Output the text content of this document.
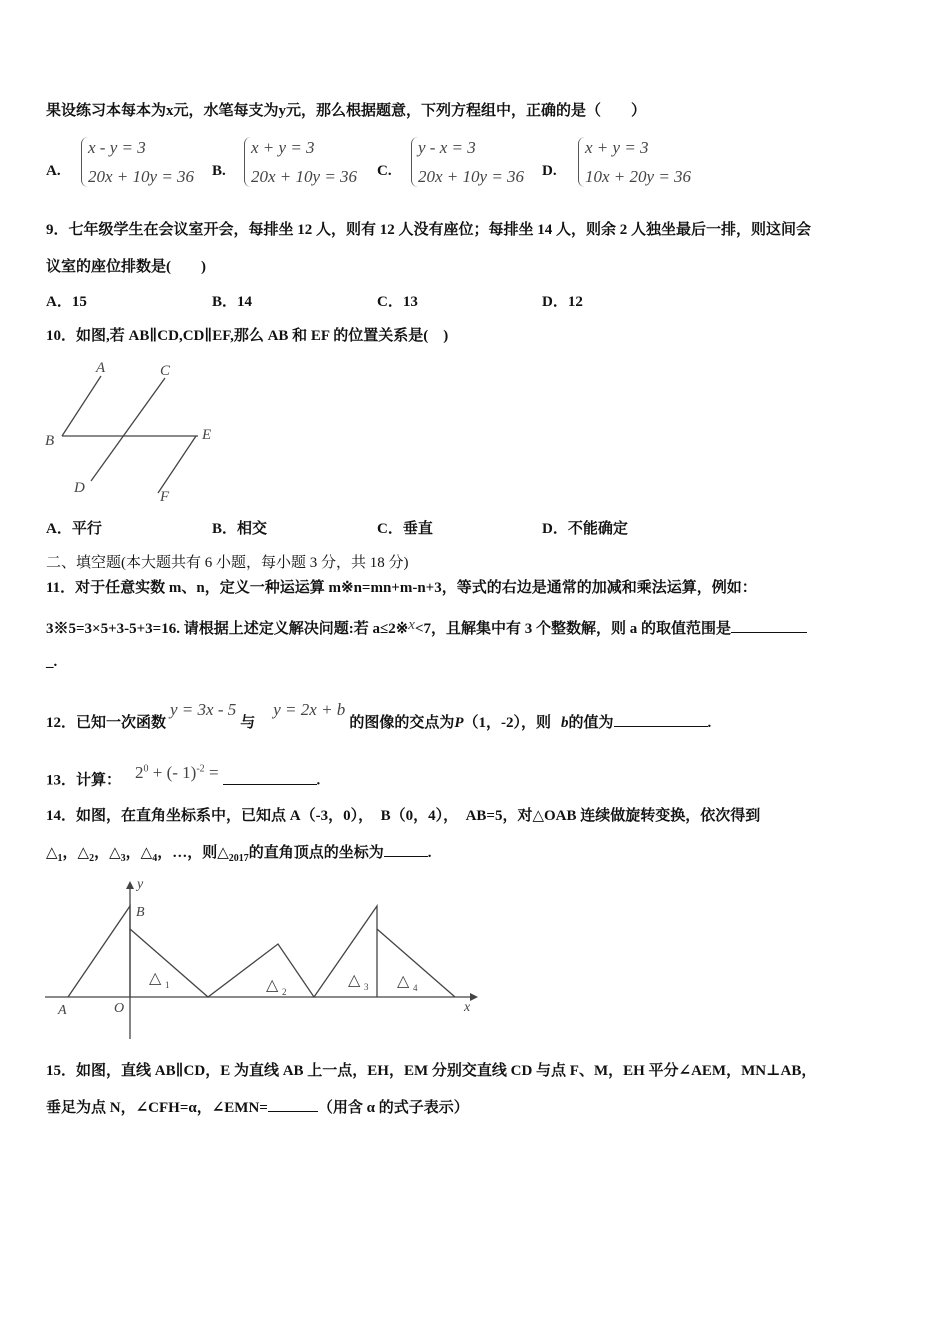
果设练习本每本为x元，水笔每支为y元，那么根据题意，下列方程组中，正确的是（　　）
A.
x - y = 3
20x + 10y = 36 B.
x + y = 3
20x + 10y = 36 C.
y - x = 3
20x + 10y = 36 D.
x + y = 3
10x + 20y = 36
9．七年级学生在会议室开会，每排坐 12 人，则有 12 人没有座位；每排坐 14 人，则余 2 人独坐最后一排，则这间会
议室的座位排数是(　　)
A．15	B．14	C．13	D．12
10．如图,若 AB∥CD,CD∥EF,那么 AB 和 EF 的位置关系是(　)
A	C
B	E
D
F
A．平行	B．相交	C．垂直	D．不能确定
二、填空题(本大题共有 6 小题，每小题 3 分，共 18 分)
11．对于任意实数 m、n，定义一种运运算 m※n=mn+m-n+3，等式的右边是通常的加减和乘法运算，例如：
3※5=3×5+3-5+3=16. 请根据上述定义解决问题:若 a≤2※x<7，且解集中有 3 个整数解，则 a 的取值范围是
_.
12．已知一次函数y = 3x - 5与y = 2x + b的图像的交点为P（1，-2），则 b的值为	.
13．计算： $2^0$ + (- 1)$^{-2}$ =	.
14．如图，在直角坐标系中，已知点 A（-3，0），　B（0，4），　AB=5，对△OAB 连续做旋转变换，依次得到
$\triangle_1$，$\triangle_2$，$\triangle_3$，$\triangle_4$，…，则$\triangle_{2017}$的直角顶点的坐标为	.
y
x
B
O
A
△ 1	△ 2
△ 3 △ 4
15．如图，直线 AB∥CD，E 为直线 AB 上一点，EH，EM 分别交直线 CD 与点 F、M，EH 平分∠AEM，MN⊥AB，
垂足为点 N，∠CFH=α，∠EMN=	（用含 α 的式子表示）
